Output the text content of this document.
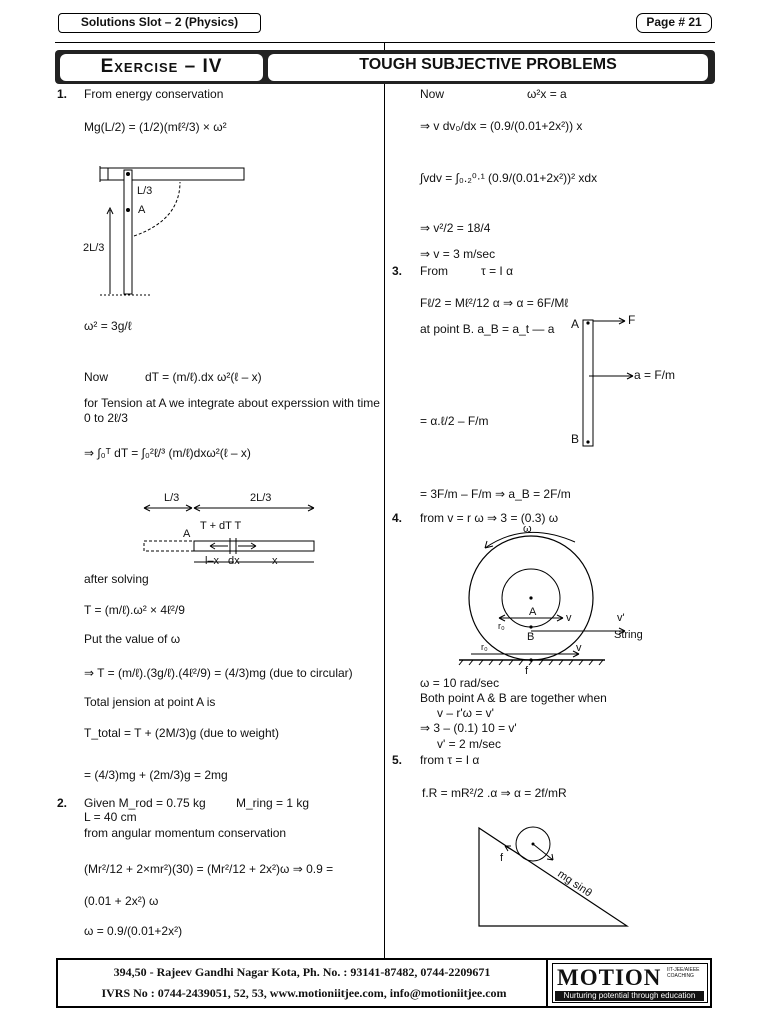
Solutions Slot – 2 (Physics)	Page # 21
Exercise – IV	TOUGH SUBJECTIVE PROBLEMS
1. From energy conservation
Mg(L/2) = (1/2)(mℓ²/3) × ω²
L/3
A
2L/3
ω² = 3g/ℓ
Now	dT = (m/ℓ).dx ω²(ℓ – x)
for Tension at A we integrate about experssion with time
0 to 2ℓ/3
⇒ ∫₀ᵀ dT = ∫₀²ℓ/³ (m/ℓ)dxω²(ℓ – x)
L/3	2L/3
A
T + dT T
l–x dx	x
after solving
T = (m/ℓ).ω² × 4ℓ²/9
Put the value of ω
⇒ T = (m/ℓ).(3g/ℓ).(4ℓ²/9) = (4/3)mg (due to circular)
Total jension at point A is
T_total = T + (2M/3)g (due to weight)
= (4/3)mg + (2m/3)g = 2mg
2. Given M_rod = 0.75 kg	M_ring = 1 kg
L = 40 cm
from angular momentum conservation
(Mr²/12 + 2×mr²)(30) = (Mr²/12 + 2x²)ω ⇒ 0.9 =
(0.01 + 2x²) ω
ω = 0.9/(0.01+2x²)
Now	ω²x = a
⇒ v dv₀/dx = (0.9/(0.01+2x²)) x
∫vdv = ∫₀.₂⁰·¹ (0.9/(0.01+2x²))² xdx
⇒ v²/2 = 18/4
⇒ v = 3 m/sec
3. From	τ = I α
Fℓ/2 = Mℓ²/12 α ⇒ α = 6F/Mℓ
at point B. a_B = a_t — a A
B
F
a = F/m
= α.ℓ/2 – F/m
= 3F/m – F/m ⇒ a_B = 2F/m
4. from v = r ω ⇒ 3 = (0.3) ω
ω
A
B
v
v
v'
String
r₀
r₀
f
ω = 10 rad/sec
Both point A & B are together when
v – r'ω = v'
⇒ 3 – (0.1) 10 = v'
v' = 2 m/sec
5. from τ = I α
f.R = mR²/2 .α ⇒ α = 2f/mR
f
mg sinθ
394,50 - Rajeev Gandhi Nagar Kota, Ph. No. : 93141-87482, 0744-2209671
IVRS No : 0744-2439051, 52, 53, www.motioniitjee.com, info@motioniitjee.com
MOTION IIT-JEE/AIEEE COACHING
Nurturing potential through education
